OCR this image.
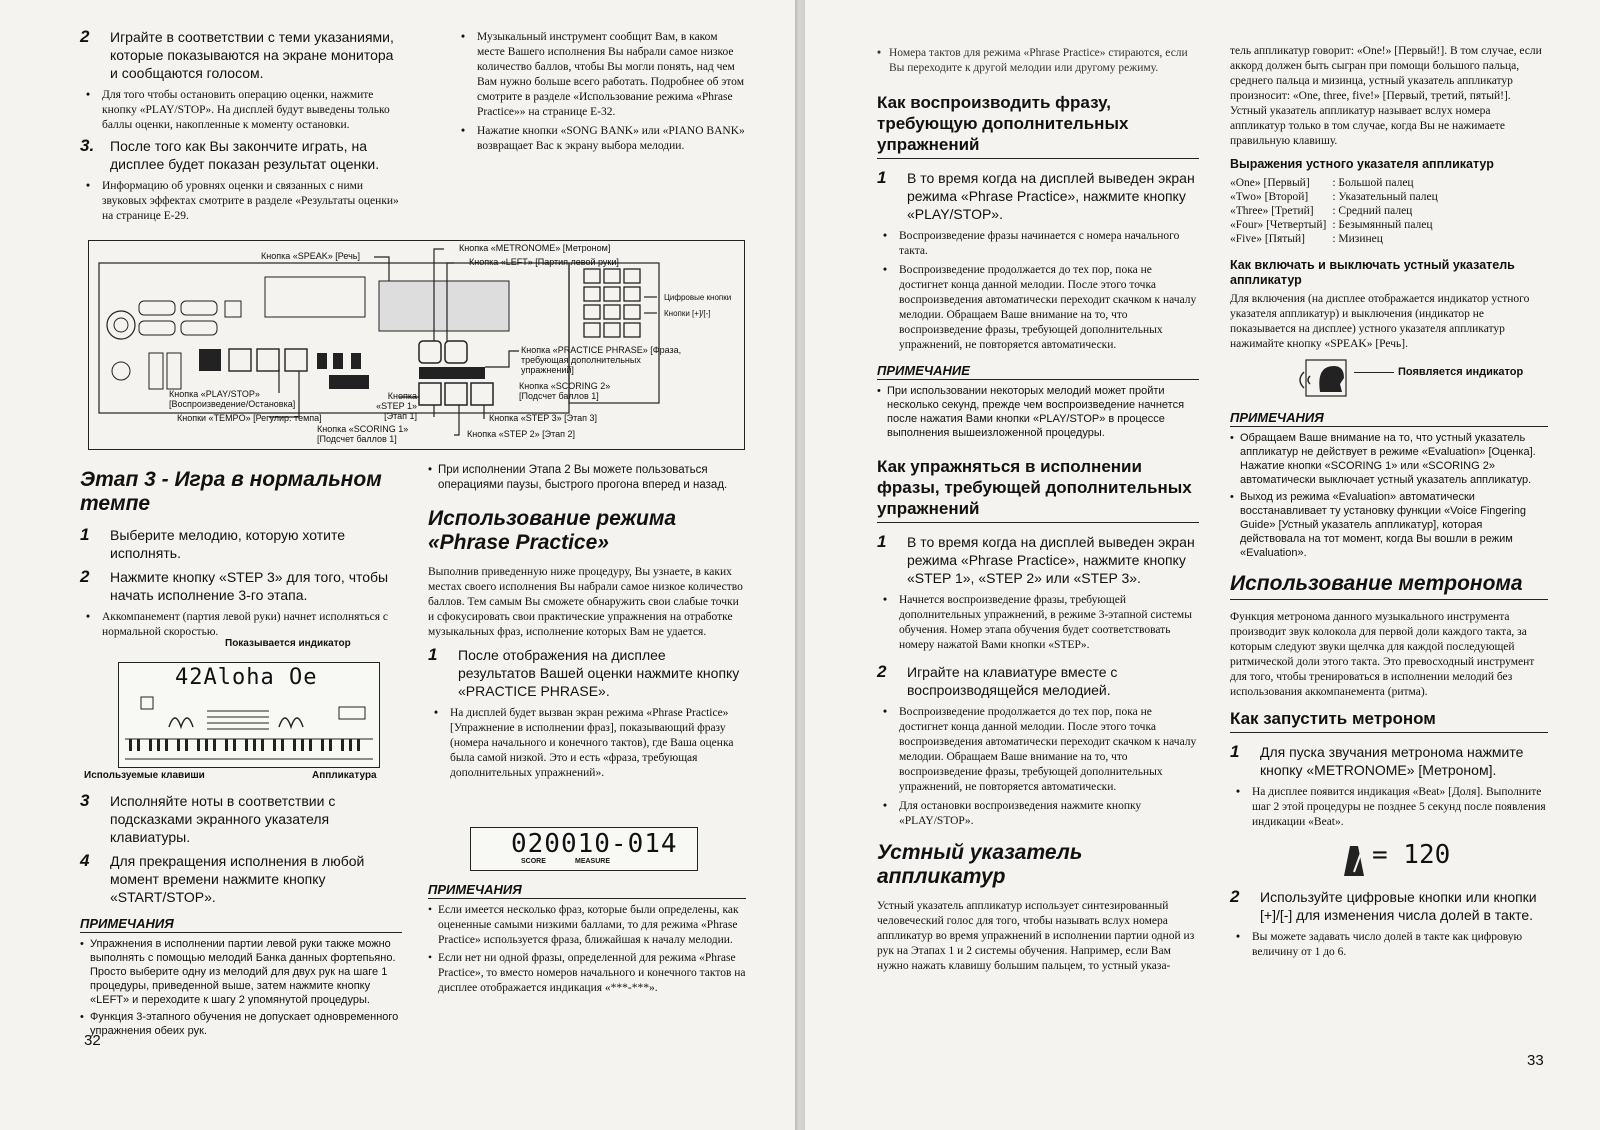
2 Играйте в соответствии с теми указаниями, которые показываются на экране монитора и сообщаются голосом.
• Для того чтобы остановить операцию оценки, нажмите кнопку «PLAY/STOP». На дисплей будут выведены только баллы оценки, накопленные к моменту остановки.
3. После того как Вы закончите играть, на дисплее будет показан результат оценки.
• Информацию об уровнях оценки и связанных с ними звуковых эффектах смотрите в разделе «Результаты оценки» на странице Е-29.
• Музыкальный инструмент сообщит Вам, в каком месте Вашего исполнения Вы набрали самое низкое количество баллов, чтобы Вы могли понять, над чем Вам нужно больше всего работать. Подробнее об этом смотрите в разделе «Использование режима «Phrase Practice»» на странице Е-32.
• Нажатие кнопки «SONG BANK» или «PIANO BANK» возвращает Вас к экрану выбора мелодии.
Кнопка «SPEAK» [Речь]
Кнопка «METRONOME» [Метроном]
Кнопка «LEFT» [Партия левой руки]
Цифровые кнопки
Кнопки [+]/[-]
Кнопка «PRACTICE PHRASE» [Фраза, требующая дополнительных упражнений]
Кнопка «SCORING 2» [Подсчет баллов 1]
Кнопка «PLAY/STOP» [Воспроизведение/Остановка]
Кнопки «TEMPO» [Регулир. темпа]
Кнопка «STEP 1» [Этап 1]	Кнопка «STEP 3» [Этап 3]
Кнопка «SCORING 1» [Подсчет баллов 1]	Кнопка «STEP 2» [Этап 2]
Этап 3 - Игра в нормальном темпе
1 Выберите мелодию, которую хотите исполнять.
2 Нажмите кнопку «STEP 3» для того, чтобы начать исполнение 3-го этапа.
• Аккомпанемент (партия левой руки) начнет исполняться с нормальной скоростью.
Показывается индикатор
42Aloha Oe
Используемые клавиши	Аппликатура
3 Исполняйте ноты в соответствии с подсказками экранного указателя клавиатуры.
4 Для прекращения исполнения в любой момент времени нажмите кнопку «START/STOP».
ПРИМЕЧАНИЯ
• Упражнения в исполнении партии левой руки также можно выполнять с помощью мелодий Банка данных фортепьяно. Просто выберите одну из мелодий для двух рук на шаге 1 процедуры, приведенной выше, затем нажмите кнопку «LEFT» и переходите к шагу 2 упомянутой процедуры.
• Функция 3-этапного обучения не допускает одновременного упражнения обеих рук.
• При исполнении Этапа 2 Вы можете пользоваться операциями паузы, быстрого прогона вперед и назад.
Использование режима «Phrase Practice»
Выполнив приведенную ниже процедуру, Вы узнаете, в каких местах своего исполнения Вы набрали самое низкое количество баллов. Тем самым Вы сможете обнаружить свои слабые точки и сфокусировать свои практические упражнения на отработке музыкальных фраз, исполнение которых Вам не удается.
1 После отображения на дисплее результатов Вашей оценки нажмите кнопку «PRACTICE PHRASE».
• На дисплей будет вызван экран режима «Phrase Practice» [Упражнение в исполнении фраз], показывающий фразу (номера начального и конечного тактов), где Ваша оценка была самой низкой. Это и есть «фраза, требующая дополнительных упражнений».
020010-014
SCORE	MEASURE
ПРИМЕЧАНИЯ
• Если имеется несколько фраз, которые были определены, как оцененные самыми низкими баллами, то для режима «Phrase Practice» используется фраза, ближайшая к началу мелодии.
• Если нет ни одной фразы, определенной для режима «Phrase Practice», то вместо номеров начального и конечного тактов на дисплее отображается индикация «***-***».
32
• Номера тактов для режима «Phrase Practice» стираются, если Вы переходите к другой мелодии или другому режиму.
Как воспроизводить фразу, требующую дополнительных упражнений
1 В то время когда на дисплей выведен экран режима «Phrase Practice», нажмите кнопку «PLAY/STOP».
• Воспроизведение фразы начинается с номера начального такта.
• Воспроизведение продолжается до тех пор, пока не достигнет конца данной мелодии. После этого точка воспроизведения автоматически переходит скачком к началу мелодии. Обращаем Ваше внимание на то, что воспроизведение фразы, требующей дополнительных упражнений, не повторяется автоматически.
ПРИМЕЧАНИЕ
• При использовании некоторых мелодий может пройти несколько секунд, прежде чем воспроизведение начнется после нажатия Вами кнопки «PLAY/STOP» в процессе выполнения вышеизложенной процедуры.
Как упражняться в исполнении фразы, требующей дополнительных упражнений
1 В то время когда на дисплей выведен экран режима «Phrase Practice», нажмите кнопку «STEP 1», «STEP 2» или «STEP 3».
• Начнется воспроизведение фразы, требующей дополнительных упражнений, в режиме 3-этапной системы обучения. Номер этапа обучения будет соответствовать номеру нажатой Вами кнопки «STEP».
2 Играйте на клавиатуре вместе с воспроизводящейся мелодией.
• Воспроизведение продолжается до тех пор, пока не достигнет конца данной мелодии. После этого точка воспроизведения автоматически переходит скачком к началу мелодии. Обращаем Ваше внимание на то, что воспроизведение фразы, требующей дополнительных упражнений, не повторяется автоматически.
• Для остановки воспроизведения нажмите кнопку «PLAY/STOP».
Устный указатель аппликатур
Устный указатель аппликатур использует синтезированный человеческий голос для того, чтобы называть вслух номера аппликатур во время упражнений в исполнении партии одной из рук на Этапах 1 и 2 системы обучения. Например, если Вам нужно нажать клавишу большим пальцем, то устный указа-
тель аппликатур говорит: «One!» [Первый!]. В том случае, если аккорд должен быть сыгран при помощи большого пальца, среднего пальца и мизинца, устный указатель аппликатур произносит: «One, three, five!» [Первый, третий, пятый!]. Устный указатель аппликатур называет вслух номера аппликатур только в том случае, когда Вы не нажимаете правильную клавишу.
Выражения устного указателя аппликатур
«One» [Первый]	: Большой палец
«Two» [Второй]	: Указательный палец
«Three» [Третий]	: Средний палец
«Four» [Четвертый]	: Безымянный палец
«Five» [Пятый]	: Мизинец
Как включать и выключать устный указатель аппликатур
Для включения (на дисплее отображается индикатор устного указателя аппликатур) и выключения (индикатор не показывается на дисплее) устного указателя аппликатур нажимайте кнопку «SPEAK» [Речь].
Появляется индикатор
ПРИМЕЧАНИЯ
• Обращаем Ваше внимание на то, что устный указатель аппликатур не действует в режиме «Evaluation» [Оценка]. Нажатие кнопки «SCORING 1» или «SCORING 2» автоматически выключает устный указатель аппликатур.
• Выход из режима «Evaluation» автоматически восстанавливает ту установку функции «Voice Fingering Guide» [Устный указатель аппликатур], которая действовала на тот момент, когда Вы вошли в режим «Evaluation».
Использование метронома
Функция метронома данного музыкального инструмента производит звук колокола для первой доли каждого такта, за которым следуют звуки щелчка для каждой последующей ритмической доли этого такта. Это превосходный инструмент для того, чтобы тренироваться в исполнении мелодий без использования аккомпанемента (ритма).
Как запустить метроном
1 Для пуска звучания метронома нажмите кнопку «METRONOME» [Метроном].
• На дисплее появится индикация «Beat» [Доля]. Выполните шаг 2 этой процедуры не позднее 5 секунд после появления индикации «Beat».
= 120
2 Используйте цифровые кнопки или кнопки [+]/[-] для изменения числа долей в такте.
• Вы можете задавать число долей в такте как цифровую величину от 1 до 6.
33
